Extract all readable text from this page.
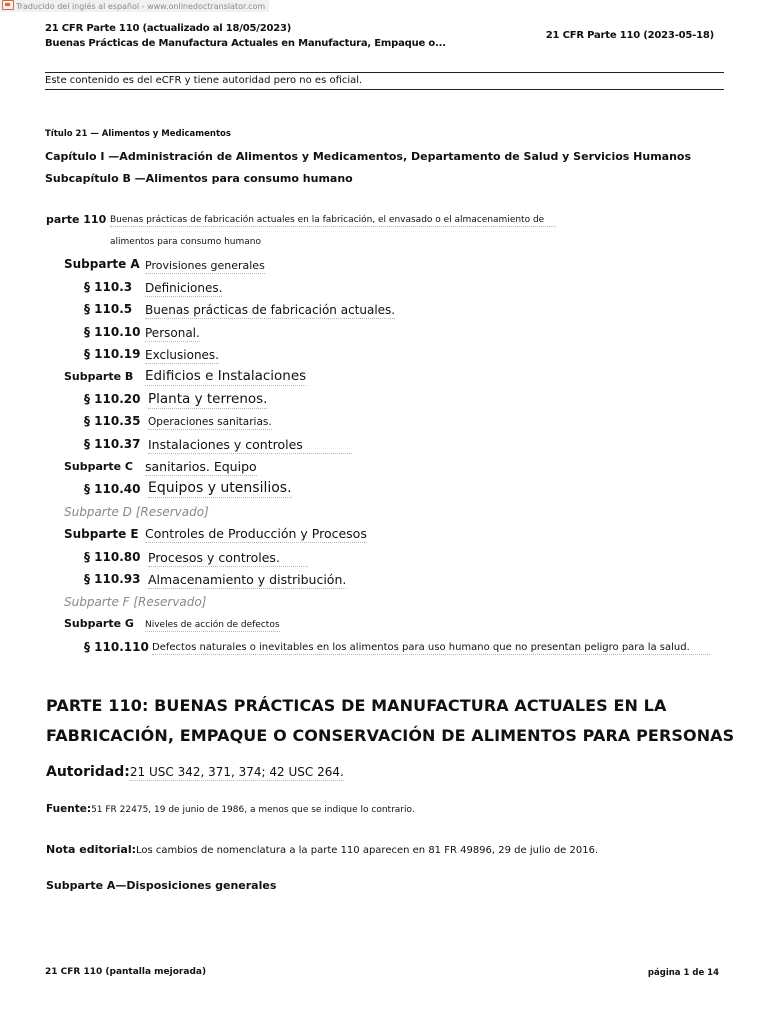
Traducido del inglés al español - www.onlinedoctranslator.com
21 CFR Parte 110 (actualizado al 18/05/2023)
Buenas Prácticas de Manufactura Actuales en Manufactura, Empaque o...
21 CFR Parte 110 (2023-05-18)
Este contenido es del eCFR y tiene autoridad pero no es oficial.
Título 21 — Alimentos y Medicamentos
Capítulo I —Administración de Alimentos y Medicamentos, Departamento de Salud y Servicios Humanos
Subcapítulo B —Alimentos para consumo humano
parte 110 Buenas prácticas de fabricación actuales en la fabricación, el envasado o el almacenamiento de
alimentos para consumo humano
Subparte A Provisiones generales
§ 110.3 Definiciones.
§ 110.5 Buenas prácticas de fabricación actuales.
§ 110.10 Personal.
§ 110.19 Exclusiones.
Subparte B Edificios e Instalaciones
§ 110.20 Planta y terrenos.
§ 110.35 Operaciones sanitarias.
§ 110.37 Instalaciones y controles
Subparte C sanitarios. Equipo
§ 110.40 Equipos y utensilios.
Subparte D [Reservado]
Subparte E Controles de Producción y Procesos
§ 110.80 Procesos y controles.
§ 110.93 Almacenamiento y distribución.
Subparte F [Reservado]
Subparte G Niveles de acción de defectos
§ 110.110 Defectos naturales o inevitables en los alimentos para uso humano que no presentan peligro para la salud.
PARTE 110: BUENAS PRÁCTICAS DE MANUFACTURA ACTUALES EN LA
FABRICACIÓN, EMPAQUE O CONSERVACIÓN DE ALIMENTOS PARA PERSONAS
Autoridad:21 USC 342, 371, 374; 42 USC 264.
Fuente:51 FR 22475, 19 de junio de 1986, a menos que se indique lo contrario.
Nota editorial:Los cambios de nomenclatura a la parte 110 aparecen en 81 FR 49896, 29 de julio de 2016.
Subparte A—Disposiciones generales
21 CFR 110 (pantalla mejorada)	página 1 de 14
